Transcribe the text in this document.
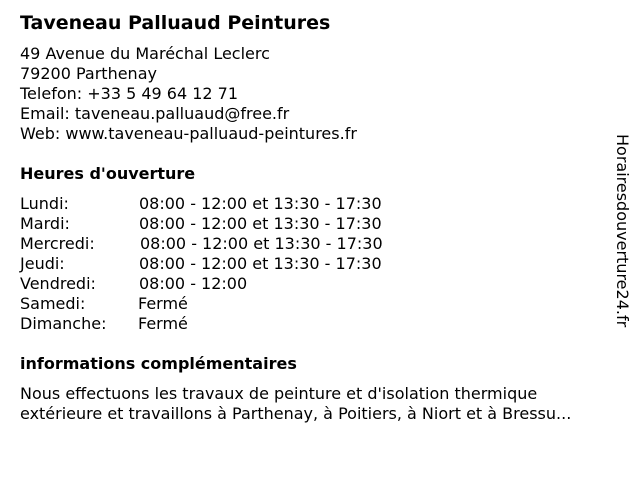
Taveneau Palluaud Peintures
49 Avenue du Maréchal Leclerc
79200 Parthenay
Telefon: +33 5 49 64 12 71
Email: taveneau.palluaud@free.fr
Web: www.taveneau-palluaud-peintures.fr
Heures d'ouverture
Lundi:	08:00 - 12:00 et 13:30 - 17:30
Mardi:	08:00 - 12:00 et 13:30 - 17:30
Mercredi:	08:00 - 12:00 et 13:30 - 17:30
Jeudi:	08:00 - 12:00 et 13:30 - 17:30
Vendredi:	08:00 - 12:00
Samedi:	Fermé
Dimanche: Fermé
informations complémentaires
Nous effectuons les travaux de peinture et d'isolation thermique
extérieure et travaillons à Parthenay, à Poitiers, à Niort et à Bressu...
Horairesdouverture24.fr
